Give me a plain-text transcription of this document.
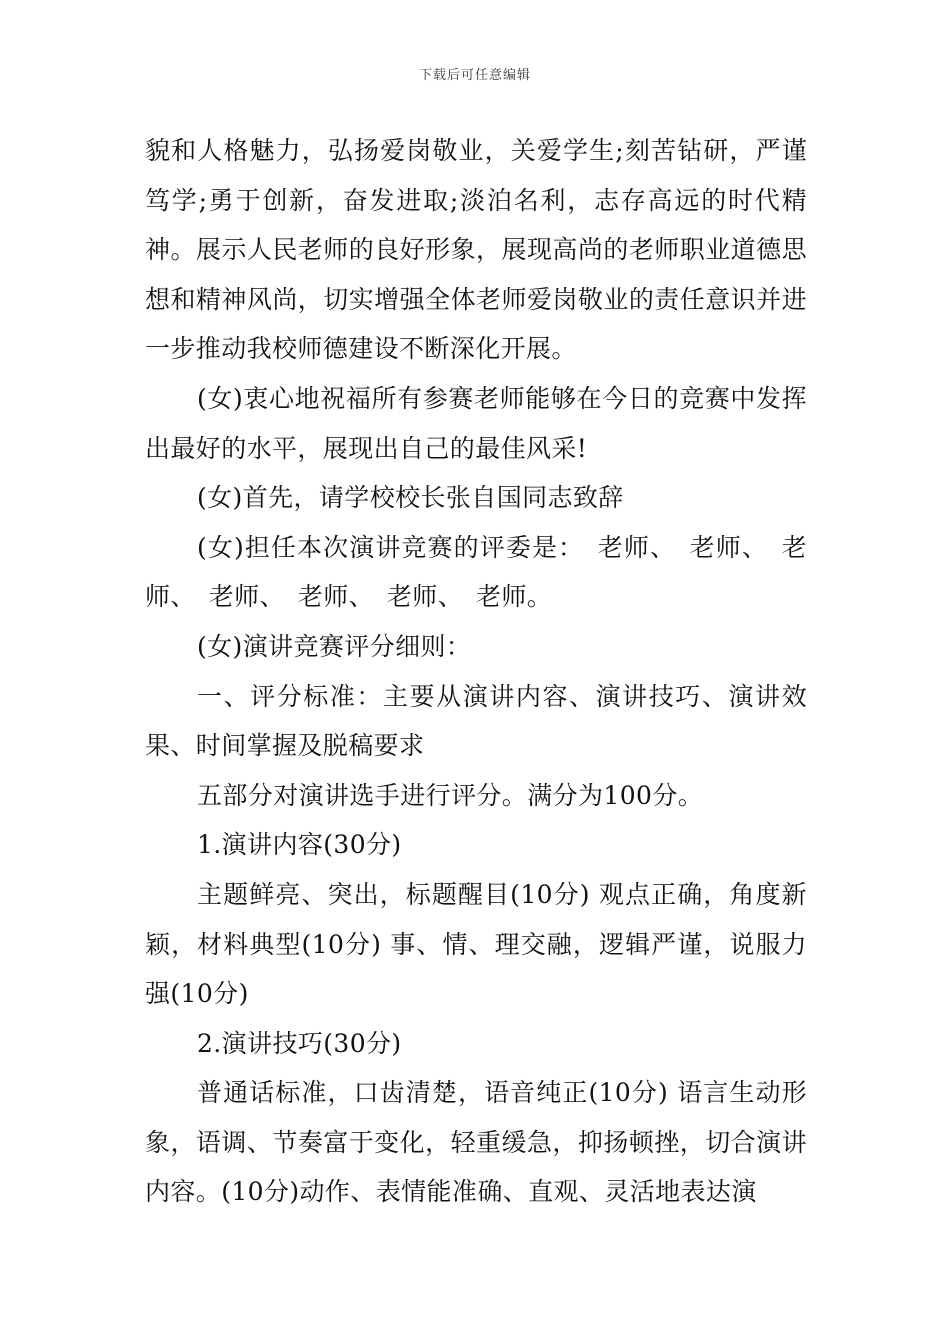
下载后可任意编辑

貌和人格魅力，弘扬爱岗敬业，关爱学生;刻苦钻研，严谨笃学;勇于创新，奋发进取;淡泊名利，志存高远的时代精神。展示人民老师的良好形象，展现高尚的老师职业道德思想和精神风尚，切实增强全体老师爱岗敬业的责任意识并进一步推动我校师德建设不断深化开展。

(女)衷心地祝福所有参赛老师能够在今日的竞赛中发挥出最好的水平，展现出自己的最佳风采!

(女)首先，请学校校长张自国同志致辞

(女)担任本次演讲竞赛的评委是：　老师、　老师、　老师、　老师、　老师、　老师、　老师。

(女)演讲竞赛评分细则：

一、评分标准：主要从演讲内容、演讲技巧、演讲效果、时间掌握及脱稿要求

五部分对演讲选手进行评分。满分为100分。

1.演讲内容(30分)

主题鲜亮、突出，标题醒目(10分) 观点正确，角度新颖，材料典型(10分) 事、情、理交融，逻辑严谨，说服力强(10分)

2.演讲技巧(30分)

普通话标准，口齿清楚，语音纯正(10分) 语言生动形象，语调、节奏富于变化，轻重缓急，抑扬顿挫，切合演讲内容。(10分)动作、表情能准确、直观、灵活地表达演
